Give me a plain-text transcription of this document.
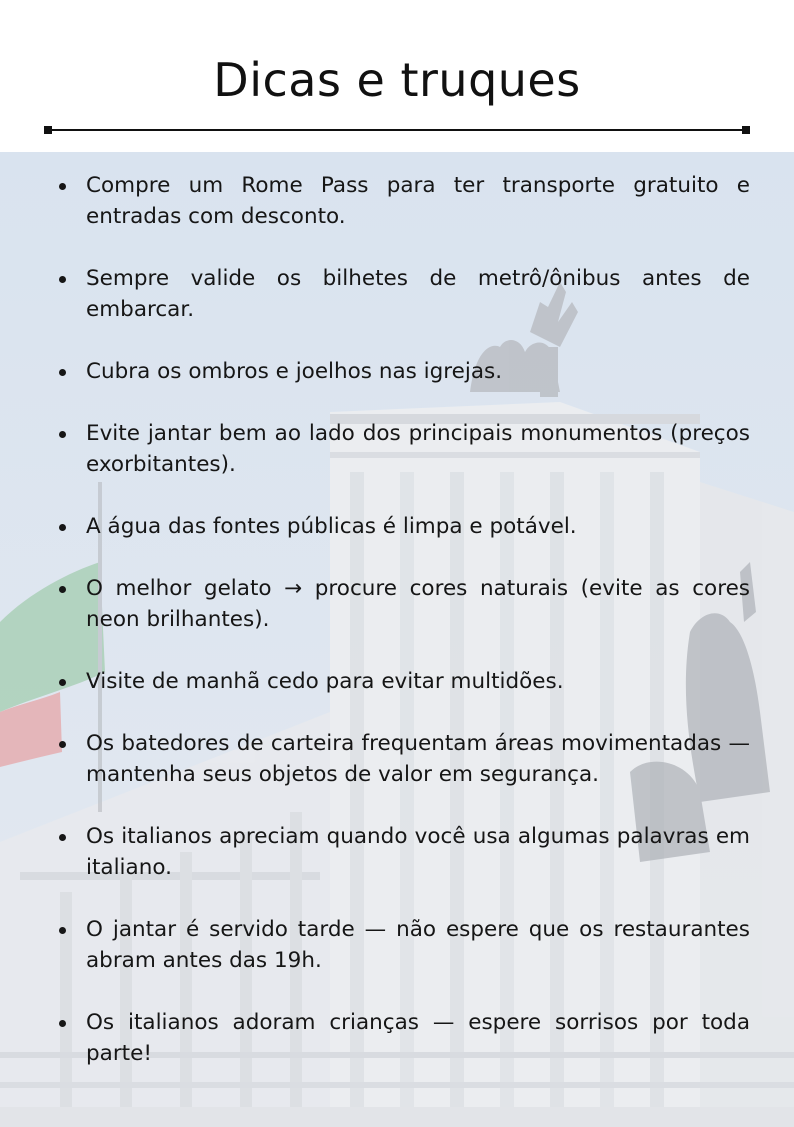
Dicas e truques
Compre um Rome Pass para ter transporte gratuito e entradas com desconto.
Sempre valide os bilhetes de metrô/ônibus antes de embarcar.
Cubra os ombros e joelhos nas igrejas.
Evite jantar bem ao lado dos principais monumentos (preços exorbitantes).
A água das fontes públicas é limpa e potável.
O melhor gelato → procure cores naturais (evite as cores neon brilhantes).
Visite de manhã cedo para evitar multidões.
Os batedores de carteira frequentam áreas movimentadas — mantenha seus objetos de valor em segurança.
Os italianos apreciam quando você usa algumas palavras em italiano.
O jantar é servido tarde — não espere que os restaurantes abram antes das 19h.
Os italianos adoram crianças — espere sorrisos por toda parte!
